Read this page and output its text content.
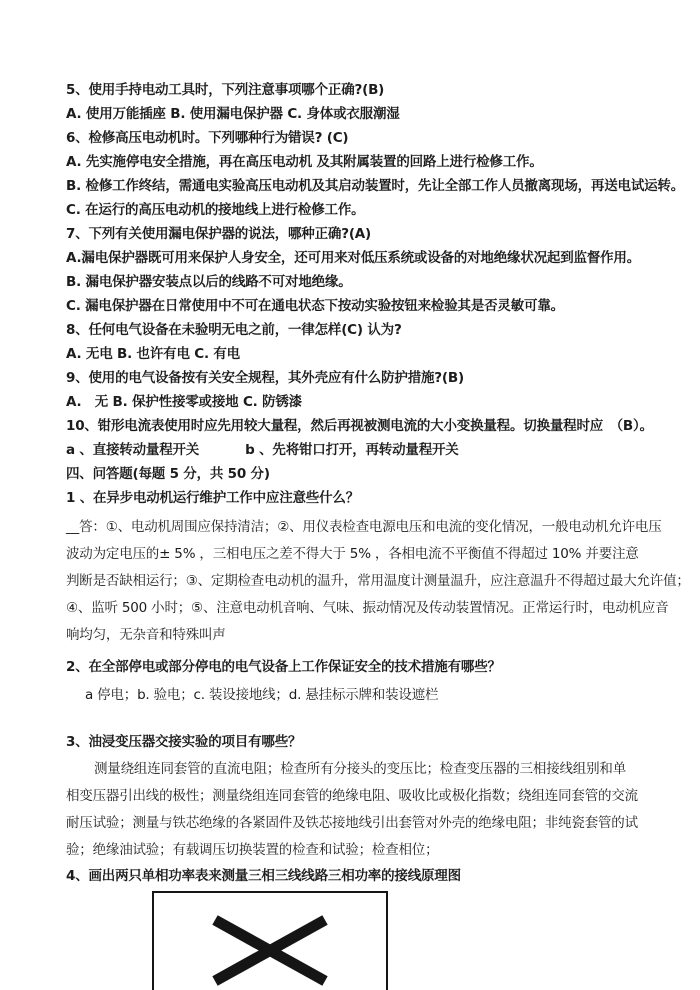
5、使用手持电动工具时，下列注意事项哪个正确?(B)
A. 使用万能插座 B. 使用漏电保护器 C. 身体或衣服潮湿
6、检修高压电动机时。下列哪种行为错误? (C)
A. 先实施停电安全措施，再在高压电动机 及其附属装置的回路上进行检修工作。
B. 检修工作终结，需通电实验高压电动机及其启动装置时，先让全部工作人员撤离现场，再送电试运转。
C. 在运行的高压电动机的接地线上进行检修工作。
7、下列有关使用漏电保护器的说法，哪种正确?(A)
A.漏电保护器既可用来保护人身安全，还可用来对低压系统或设备的对地绝缘状况起到监督作用。
B. 漏电保护器安装点以后的线路不可对地绝缘。
C. 漏电保护器在日常使用中不可在通电状态下按动实验按钮来检验其是否灵敏可靠。
8、任何电气设备在未验明无电之前，一律怎样(C) 认为?
A. 无电 B. 也许有电 C. 有电
9、使用的电气设备按有关安全规程，其外壳应有什么防护措施?(B)
A.　无 B. 保护性接零或接地 C. 防锈漆
10、钳形电流表使用时应先用较大量程，然后再视被测电流的大小变换量程。切换量程时应　（B）。
a 、直接转动量程开关	b 、先将钳口打开，再转动量程开关
四、问答题(每题 5 分，共 50 分)
1 、在异步电动机运行维护工作中应注意些什么？
__答：①、电动机周围应保持清洁；②、用仪表检查电源电压和电流的变化情况，一般电动机允许电压
波动为定电压的± 5% ，三相电压之差不得大于 5% ，各相电流不平衡值不得超过 10% 并要注意
判断是否缺相运行；③、定期检查电动机的温升，常用温度计测量温升，应注意温升不得超过最大允许值；
④、监听 500 小时；⑤、注意电动机音响、气味、振动情况及传动装置情况。正常运行时，电动机应音
响均匀，无杂音和特殊叫声
2、在全部停电或部分停电的电气设备上工作保证安全的技术措施有哪些？
a 停电；b. 验电；c. 装设接地线；d. 悬挂标示牌和装设遮栏
3、油浸变压器交接实验的项目有哪些？
测量绕组连同套管的直流电阻；检查所有分接头的变压比；检查变压器的三相接线组别和单
相变压器引出线的极性；测量绕组连同套管的绝缘电阻、吸收比或极化指数；绕组连同套管的交流
耐压试验；测量与铁芯绝缘的各紧固件及铁芯接地线引出套管对外壳的绝缘电阻；非纯瓷套管的试
验；绝缘油试验；有载调压切换装置的检查和试验；检查相位；
4、画出两只单相功率表来测量三相三线线路三相功率的接线原理图
